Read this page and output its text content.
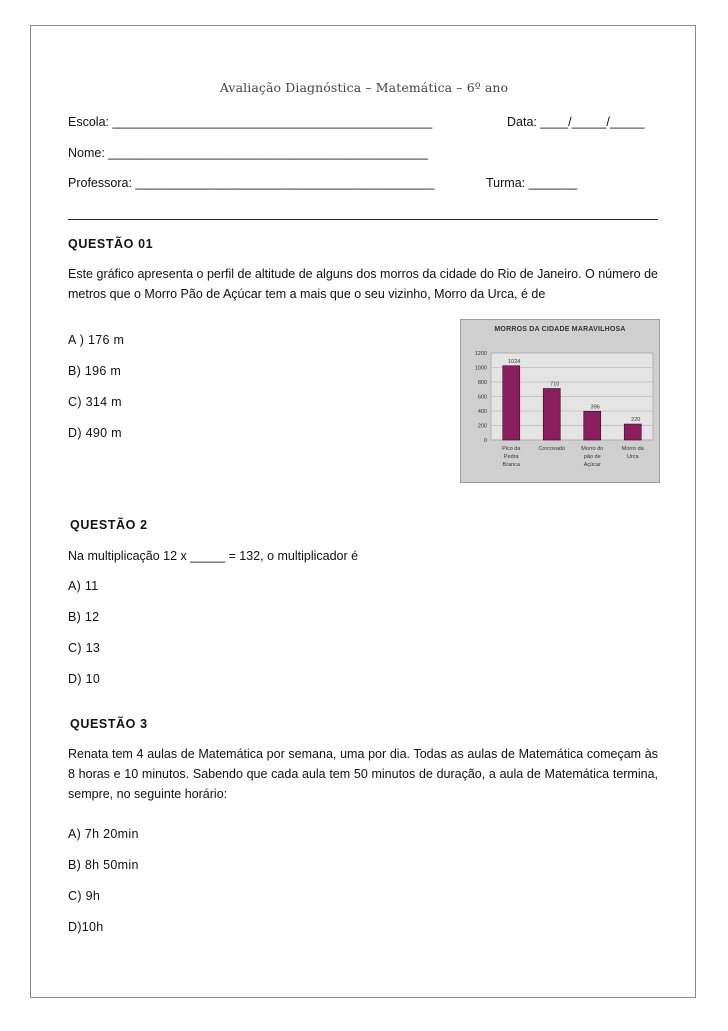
Avaliação Diagnóstica – Matemática – 6º ano
Escola: ______________________________________________	Data: ____/_____/_____
Nome: ______________________________________________
Professora: ___________________________________________	Turma: _______
QUESTÃO 01
Este gráfico apresenta o perfil de altitude de alguns dos morros da cidade do Rio de Janeiro. O número de metros que o Morro Pão de Açúcar tem a mais que o seu vizinho, Morro da Urca, é de
A ) 176 m
B) 196 m
C) 314 m
D) 490 m
MORROS DA CIDADE MARAVILHOSA
0
200
400
600
800
1000
1200
1024
Pico da
Pedra
Branca
710
Corcovado
396
Morro do
pão de
Açúcar
220
Morro da
Urca
QUESTÃO 2
Na multiplicação 12 x _____ = 132, o multiplicador é
A) 11
B) 12
C) 13
D) 10
QUESTÃO 3
Renata tem 4 aulas de Matemática por semana, uma por dia. Todas as aulas de Matemática começam às 8 horas e 10 minutos. Sabendo que cada aula tem 50 minutos de duração, a aula de Matemática termina, sempre, no seguinte horário:
A) 7h 20min
B) 8h 50min
C) 9h
D)10h
